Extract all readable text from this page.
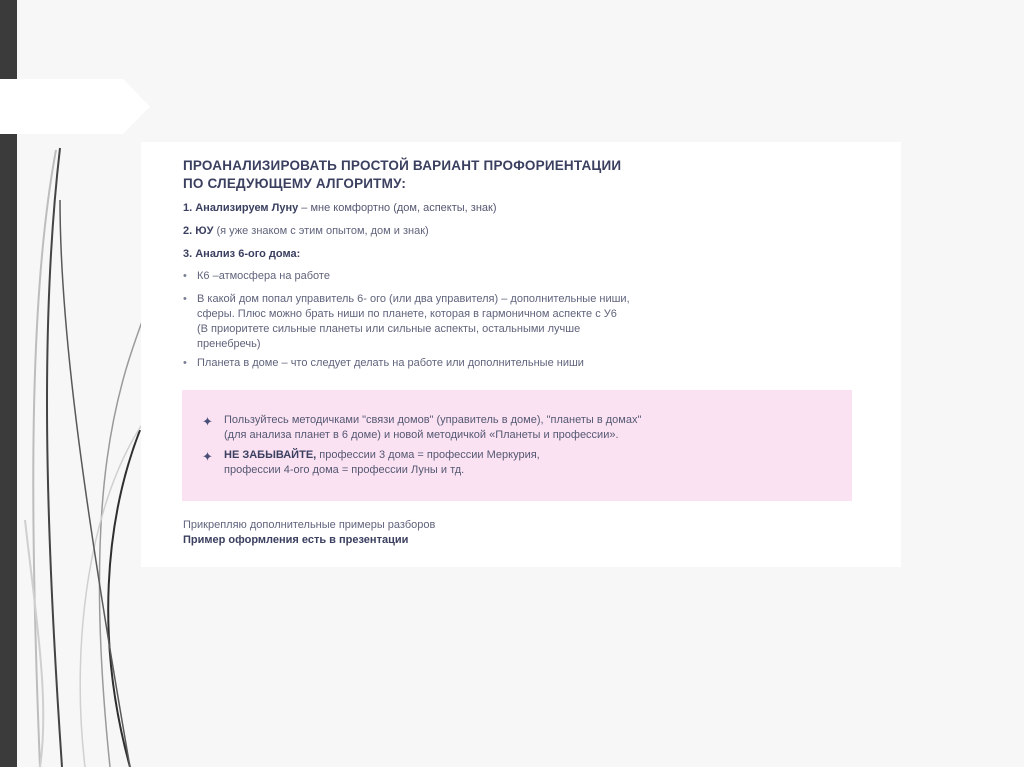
ПРОАНАЛИЗИРОВАТЬ ПРОСТОЙ ВАРИАНТ ПРОФОРИЕНТАЦИИ
ПО СЛЕДУЮЩЕМУ АЛГОРИТМУ:

1. Анализируем Луну – мне комфортно (дом, аспекты, знак)

2. ЮУ (я уже знаком с этим опытом, дом и знак)

3. Анализ 6-ого дома:

• К6 –атмосфера на работе
• В какой дом попал управитель 6- ого (или два управителя) – дополнительные ниши,
сферы. Плюс можно брать ниши по планете, которая в гармоничном аспекте с У6
(В приоритете сильные планеты или сильные аспекты, остальными лучше
пренебречь)
• Планета в доме – что следует делать на работе или дополнительные ниши
✦ Пользуйтесь методичками "связи домов" (управитель в доме), "планеты в домах"

(для анализа планет в 6 доме) и новой методичкой «Планеты и профессии».

✦ НЕ ЗАБЫВАЙТЕ, профессии 3 дома = профессии Меркурия,

профессии 4-ого дома = профессии Луны и тд.

Прикрепляю дополнительные примеры разборов

Пример оформления есть в презентации
